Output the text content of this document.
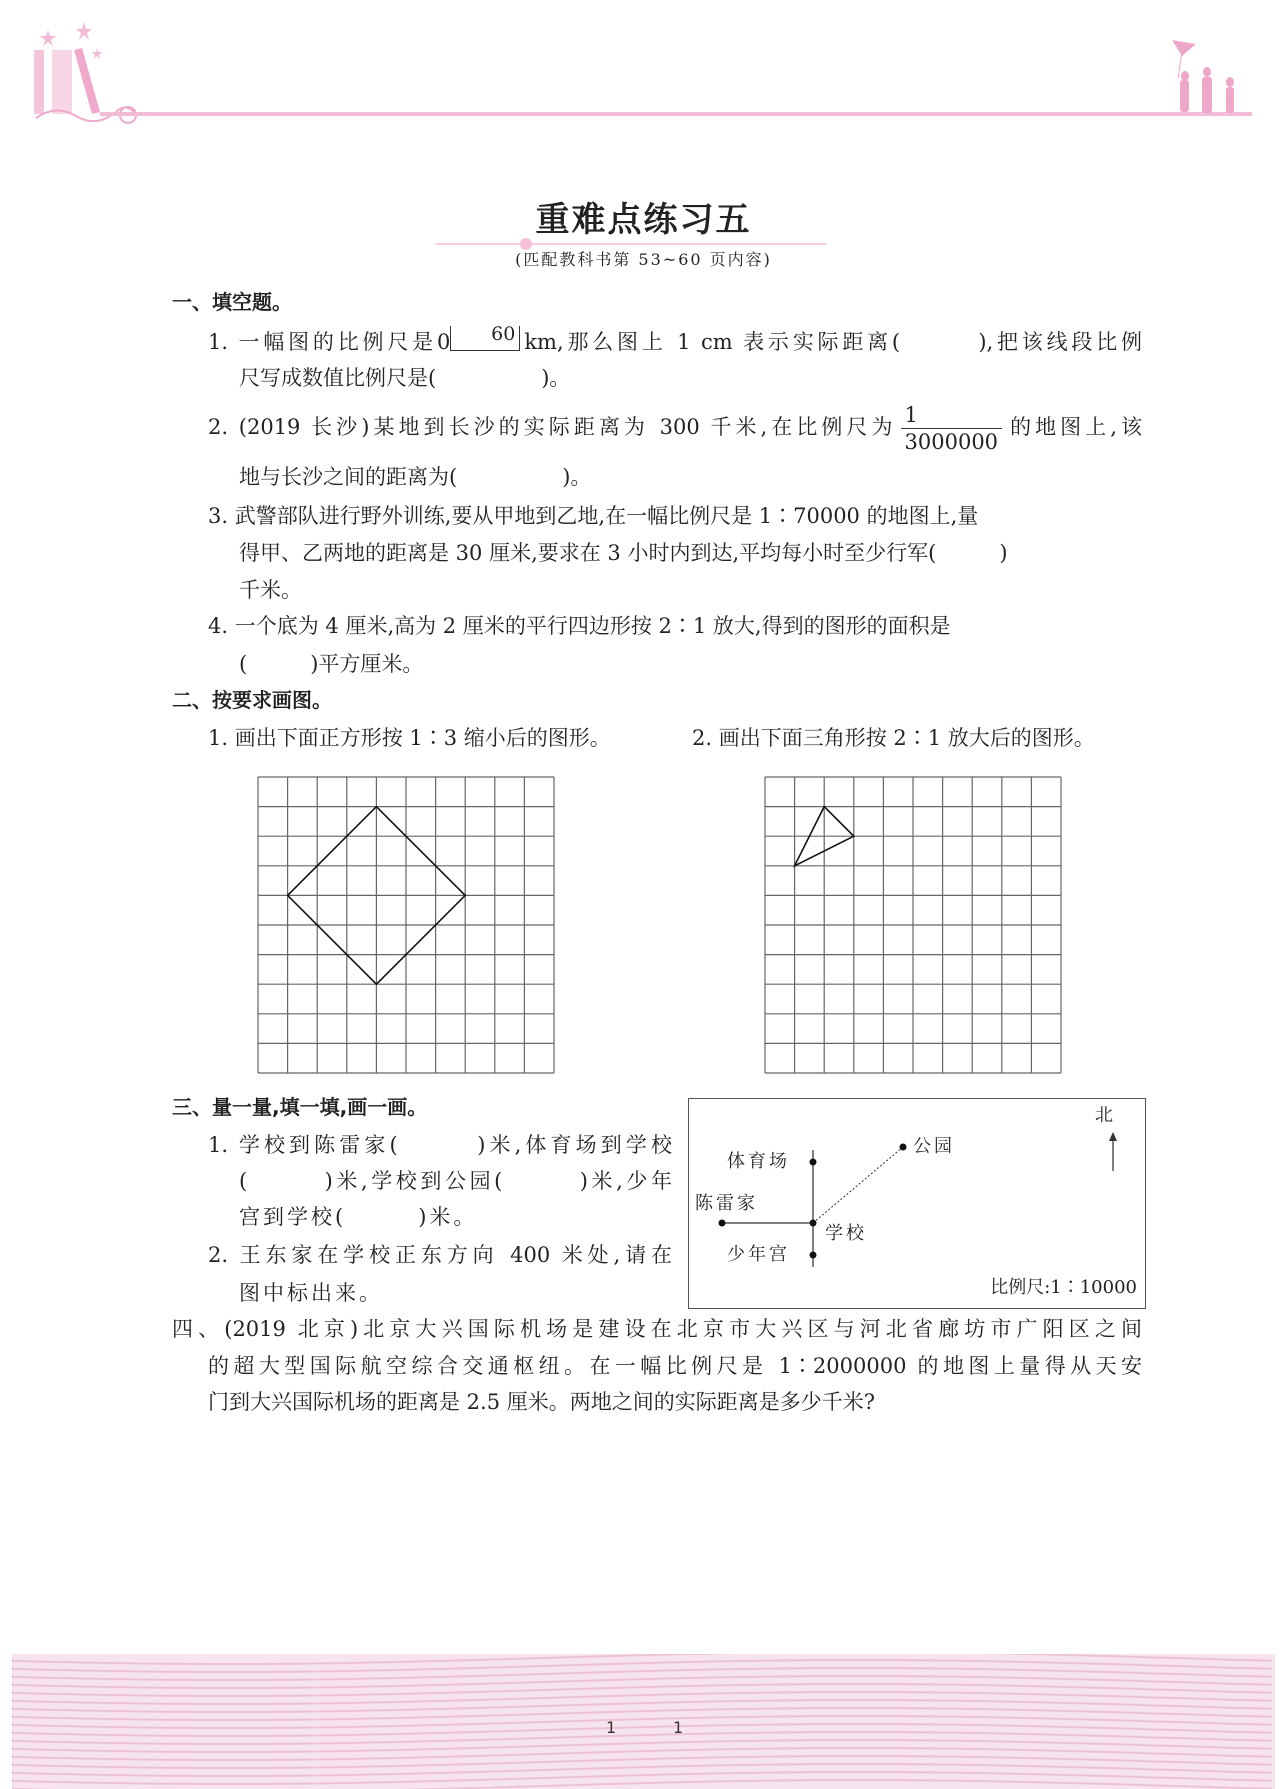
重难点练习五
(匹配教科书第 53~60 页内容)
一、填空题。
1. 一幅图的比例尺是0 60 km,那么图上 1 cm 表示实际距离(　　　),把该线段比例
尺写成数值比例尺是(　　　　　)。
2. (2019 长沙)某地到长沙的实际距离为 300 千米,在比例尺为 $\frac{1}{3000000}$ 的地图上,该
地与长沙之间的距离为(　　　　　)。
3. 武警部队进行野外训练,要从甲地到乙地,在一幅比例尺是 1∶70000 的地图上,量
得甲、乙两地的距离是 30 厘米,要求在 3 小时内到达,平均每小时至少行军(　　　)
千米。
4. 一个底为 4 厘米,高为 2 厘米的平行四边形按 2∶1 放大,得到的图形的面积是
(　　　)平方厘米。
二、按要求画图。
1. 画出下面正方形按 1∶3 缩小后的图形。	2. 画出下面三角形按 2∶1 放大后的图形。
三、量一量,填一填,画一画。
1. 学校到陈雷家(　　　)米,体育场到学校
(　　　)米,学校到公园(　　　)米,少年
宫到学校(　　　)米。
2. 王东家在学校正东方向 400 米处,请在
图中标出来。
北
体育场
陈雷家
学校
少年宫
公园
比例尺:1∶10000
四、(2019 北京)北京大兴国际机场是建设在北京市大兴区与河北省廊坊市广阳区之间
的超大型国际航空综合交通枢纽。在一幅比例尺是 1∶2000000 的地图上量得从天安
门到大兴国际机场的距离是 2.5 厘米。两地之间的实际距离是多少千米?
1	1
